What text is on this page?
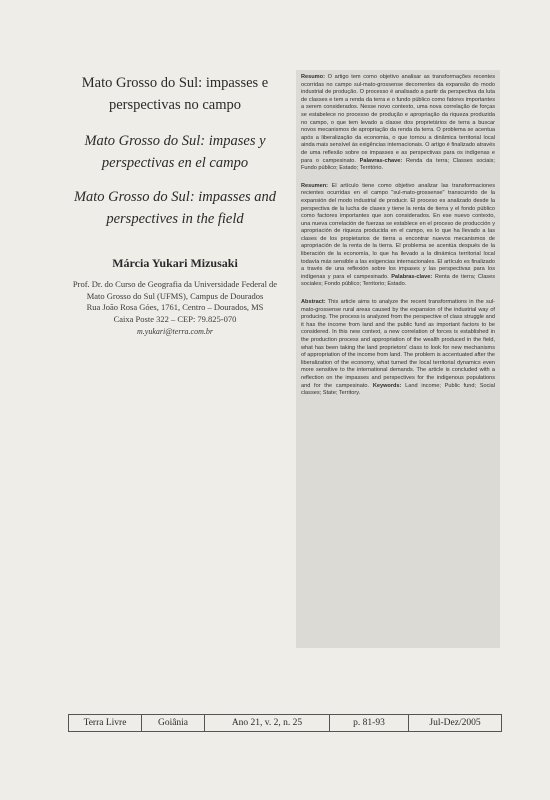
Mato Grosso do Sul: impasses e perspectivas no campo
Mato Grosso do Sul: impases y perspectivas en el campo
Mato Grosso do Sul: impasses and perspectives in the field
Márcia Yukari Mizusaki
Prof. Dr. do Curso de Geografia da Universidade Federal de
Mato Grosso do Sul (UFMS), Campus de Dourados
Rua João Rosa Góes, 1761, Centro – Dourados, MS
Caixa Poste 322 – CEP: 79.825-070
m.yukari@terra.com.br
Resumo: O artigo tem como objetivo analisar as transformações recentes ocorridas no campo sul-mato-grossense decorrentes da expansão do modo industrial de produção. O processo é analisado a partir da perspectiva da luta de classes e tem a renda da terra e o fundo público como fatores importantes a serem considerados. Nesse novo contexto, uma nova correlação de forças se estabelece no processo de produção e apropriação da riqueza produzida no campo, o que tem levado a classe dos proprietários de terra a buscar novos mecanismos de apropriação da renda da terra. O problema se acentua após a liberalização da economia, o que tornou a dinâmica territorial local ainda mais sensível às exigências internacionais. O artigo é finalizado através de uma reflexão sobre os impasses e as perspectivas para os indígenas e para o campesinato. Palavras-chave: Renda da terra; Classes sociais; Fundo público; Estado; Território.
Resumen: El artículo tiene como objetivo analizar las transformaciones recientes ocurridas en el campo "sul-mato-grossense" transcurrido de la expansión del modo industrial de producir. El proceso es analizado desde la perspectiva de la lucha de clases y tiene la renta de tierra y el fondo público como factores importantes que son considerados. En ese nuevo contexto, una nueva correlación de fuerzas se establece en el proceso de producción y apropriación de riqueza producida en el campo, es lo que ha llevado a las clases de los propietarios de tierra a encontrar nuevos mecanismos de apropriación de la renta de la tierra. El problema se acentúa después de la liberación de la economía, lo que ha llevado a la dinámica territorial local todavía más sensible a las exigencias internacionales. El artículo es finalizado a través de una reflexión sobre los impases y las perspectivas para los indígenas y para el campesinado. Palabras-clave: Renta de tierra; Clases sociales; Fondo público; Territorio; Estado.
Abstract: This article aims to analyze the recent transformations in the sul-mato-grossense rural areas caused by the expansion of the industrial way of producing. The process is analyzed from the perspective of class struggle and it has the income from land and the public fund as important factors to be considered. In this new context, a new correlation of forces is established in the production process and appropriation of the wealth produced in the field, what has been taking the land proprietors' class to look for new mechanisms of appropriation of the income from land. The problem is accentuated after the liberalization of the economy, what turned the local territorial dynamics even more sensitive to the international demands. The article is concluded with a reflection on the impasses and perspectives for the indigenous populations and for the campesinato. Keywords: Land income; Public fund; Social classes; State; Territory.
Terra Livre	Goiânia	Ano 21, v. 2, n. 25	p. 81-93	Jul-Dez/2005
